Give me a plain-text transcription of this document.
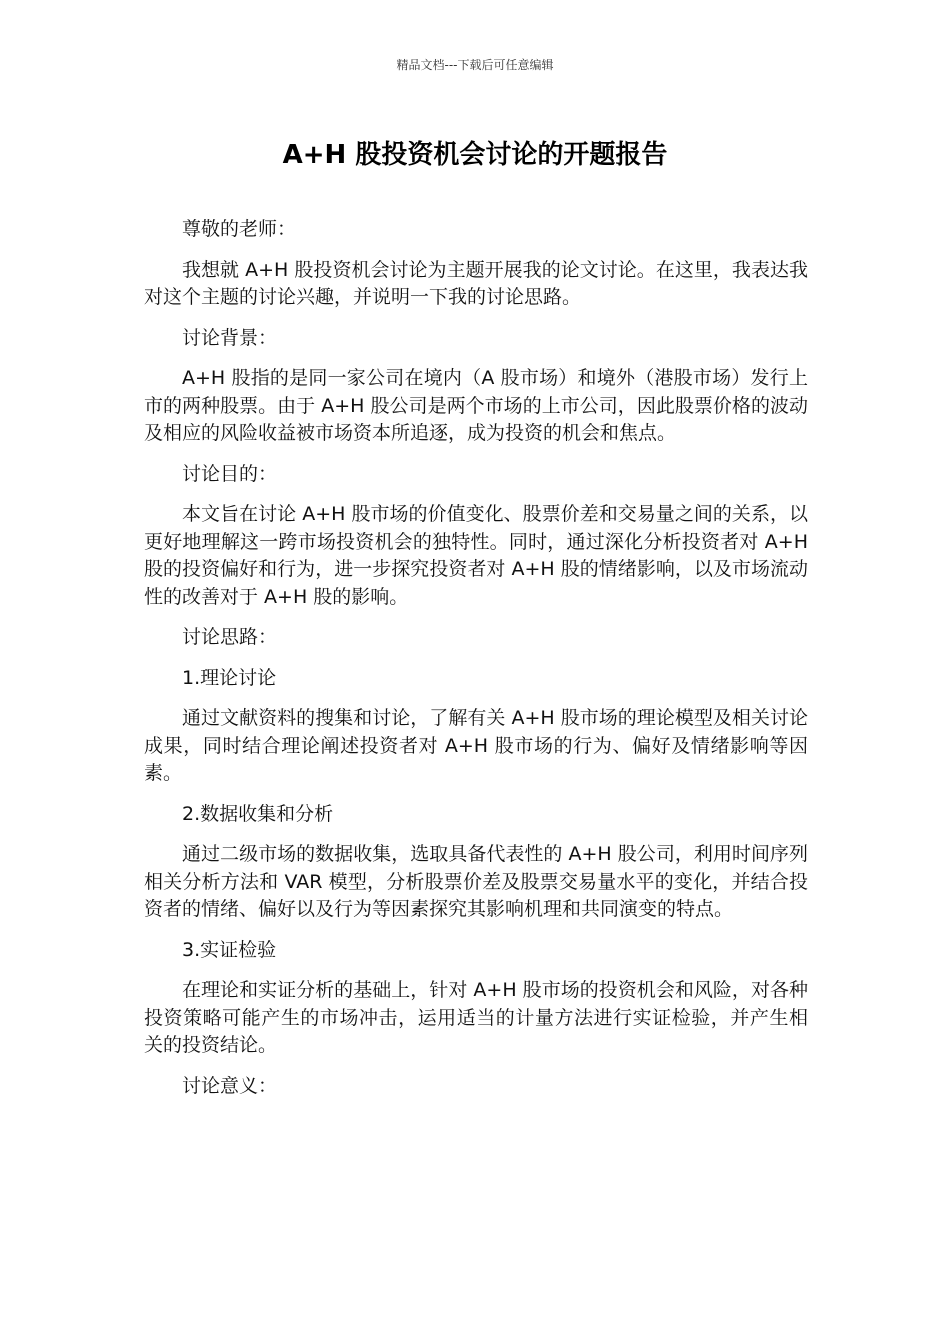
精品文档---下载后可任意编辑
A+H 股投资机会讨论的开题报告

尊敬的老师：

我想就 A+H 股投资机会讨论为主题开展我的论文讨论。在这里，我表达我对这个主题的讨论兴趣，并说明一下我的讨论思路。

讨论背景：

A+H 股指的是同一家公司在境内（A 股市场）和境外（港股市场）发行上市的两种股票。由于 A+H 股公司是两个市场的上市公司，因此股票价格的波动及相应的风险收益被市场资本所追逐，成为投资的机会和焦点。

讨论目的：

本文旨在讨论 A+H 股市场的价值变化、股票价差和交易量之间的关系，以更好地理解这一跨市场投资机会的独特性。同时，通过深化分析投资者对 A+H 股的投资偏好和行为，进一步探究投资者对 A+H 股的情绪影响，以及市场流动性的改善对于 A+H 股的影响。

讨论思路：

1.理论讨论

通过文献资料的搜集和讨论，了解有关 A+H 股市场的理论模型及相关讨论成果，同时结合理论阐述投资者对 A+H 股市场的行为、偏好及情绪影响等因素。

2.数据收集和分析

通过二级市场的数据收集，选取具备代表性的 A+H 股公司，利用时间序列相关分析方法和 VAR 模型，分析股票价差及股票交易量水平的变化，并结合投资者的情绪、偏好以及行为等因素探究其影响机理和共同演变的特点。

3.实证检验

在理论和实证分析的基础上，针对 A+H 股市场的投资机会和风险，对各种投资策略可能产生的市场冲击，运用适当的计量方法进行实证检验，并产生相关的投资结论。

讨论意义：
